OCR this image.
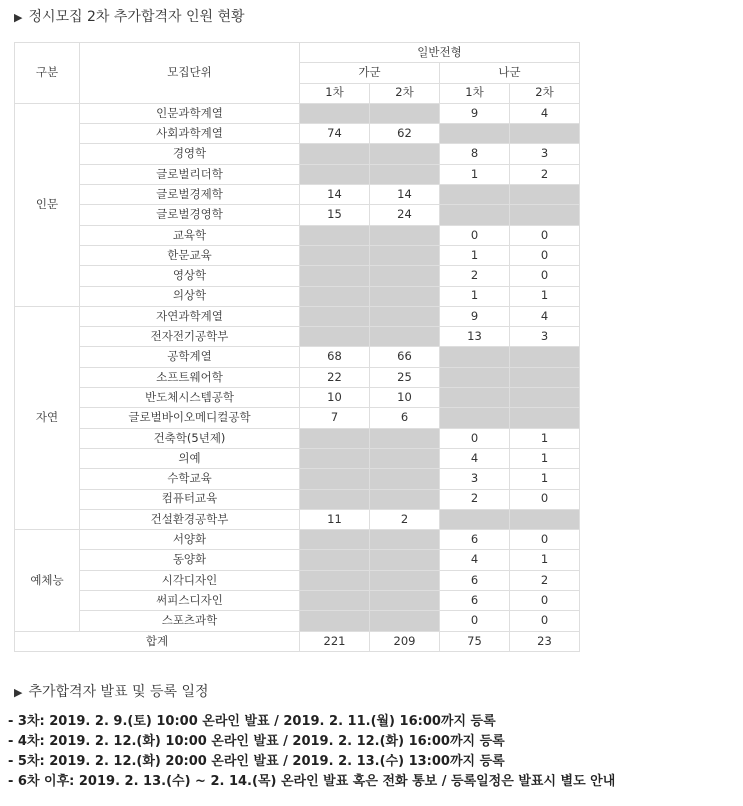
▶ 정시모집 2차 추가합격자 인원 현황
구분	모집단위	일반전형			
		가군		나군	
		1차	2차	1차	2차
인문	인문과학계열			9	4
	사회과학계열	74	62		
	경영학			8	3
	글로벌리더학			1	2
	글로벌경제학	14	14		
	글로벌경영학	15	24		
	교육학			0	0
	한문교육			1	0
	영상학			2	0
	의상학			1	1
자연	자연과학계열			9	4
	전자전기공학부			13	3
	공학계열	68	66		
	소프트웨어학	22	25		
	반도체시스템공학	10	10		
	글로벌바이오메디컬공학	7	6		
	건축학(5년제)			0	1
	의예			4	1
	수학교육			3	1
	컴퓨터교육			2	0
	건설환경공학부	11	2		
예체능	서양화			6	0
	동양화			4	1
	시각디자인			6	2
	써피스디자인			6	0
	스포츠과학			0	0
합계		221	209	75	23
▶ 추가합격자 발표 및 등록 일정
- 3차: 2019. 2. 9.(토) 10:00 온라인 발표 / 2019. 2. 11.(월) 16:00까지 등록
- 4차: 2019. 2. 12.(화) 10:00 온라인 발표 / 2019. 2. 12.(화) 16:00까지 등록
- 5차: 2019. 2. 12.(화) 20:00 온라인 발표 / 2019. 2. 13.(수) 13:00까지 등록
- 6차 이후: 2019. 2. 13.(수) ~ 2. 14.(목) 온라인 발표 혹은 전화 통보 / 등록일정은 발표시 별도 안내
